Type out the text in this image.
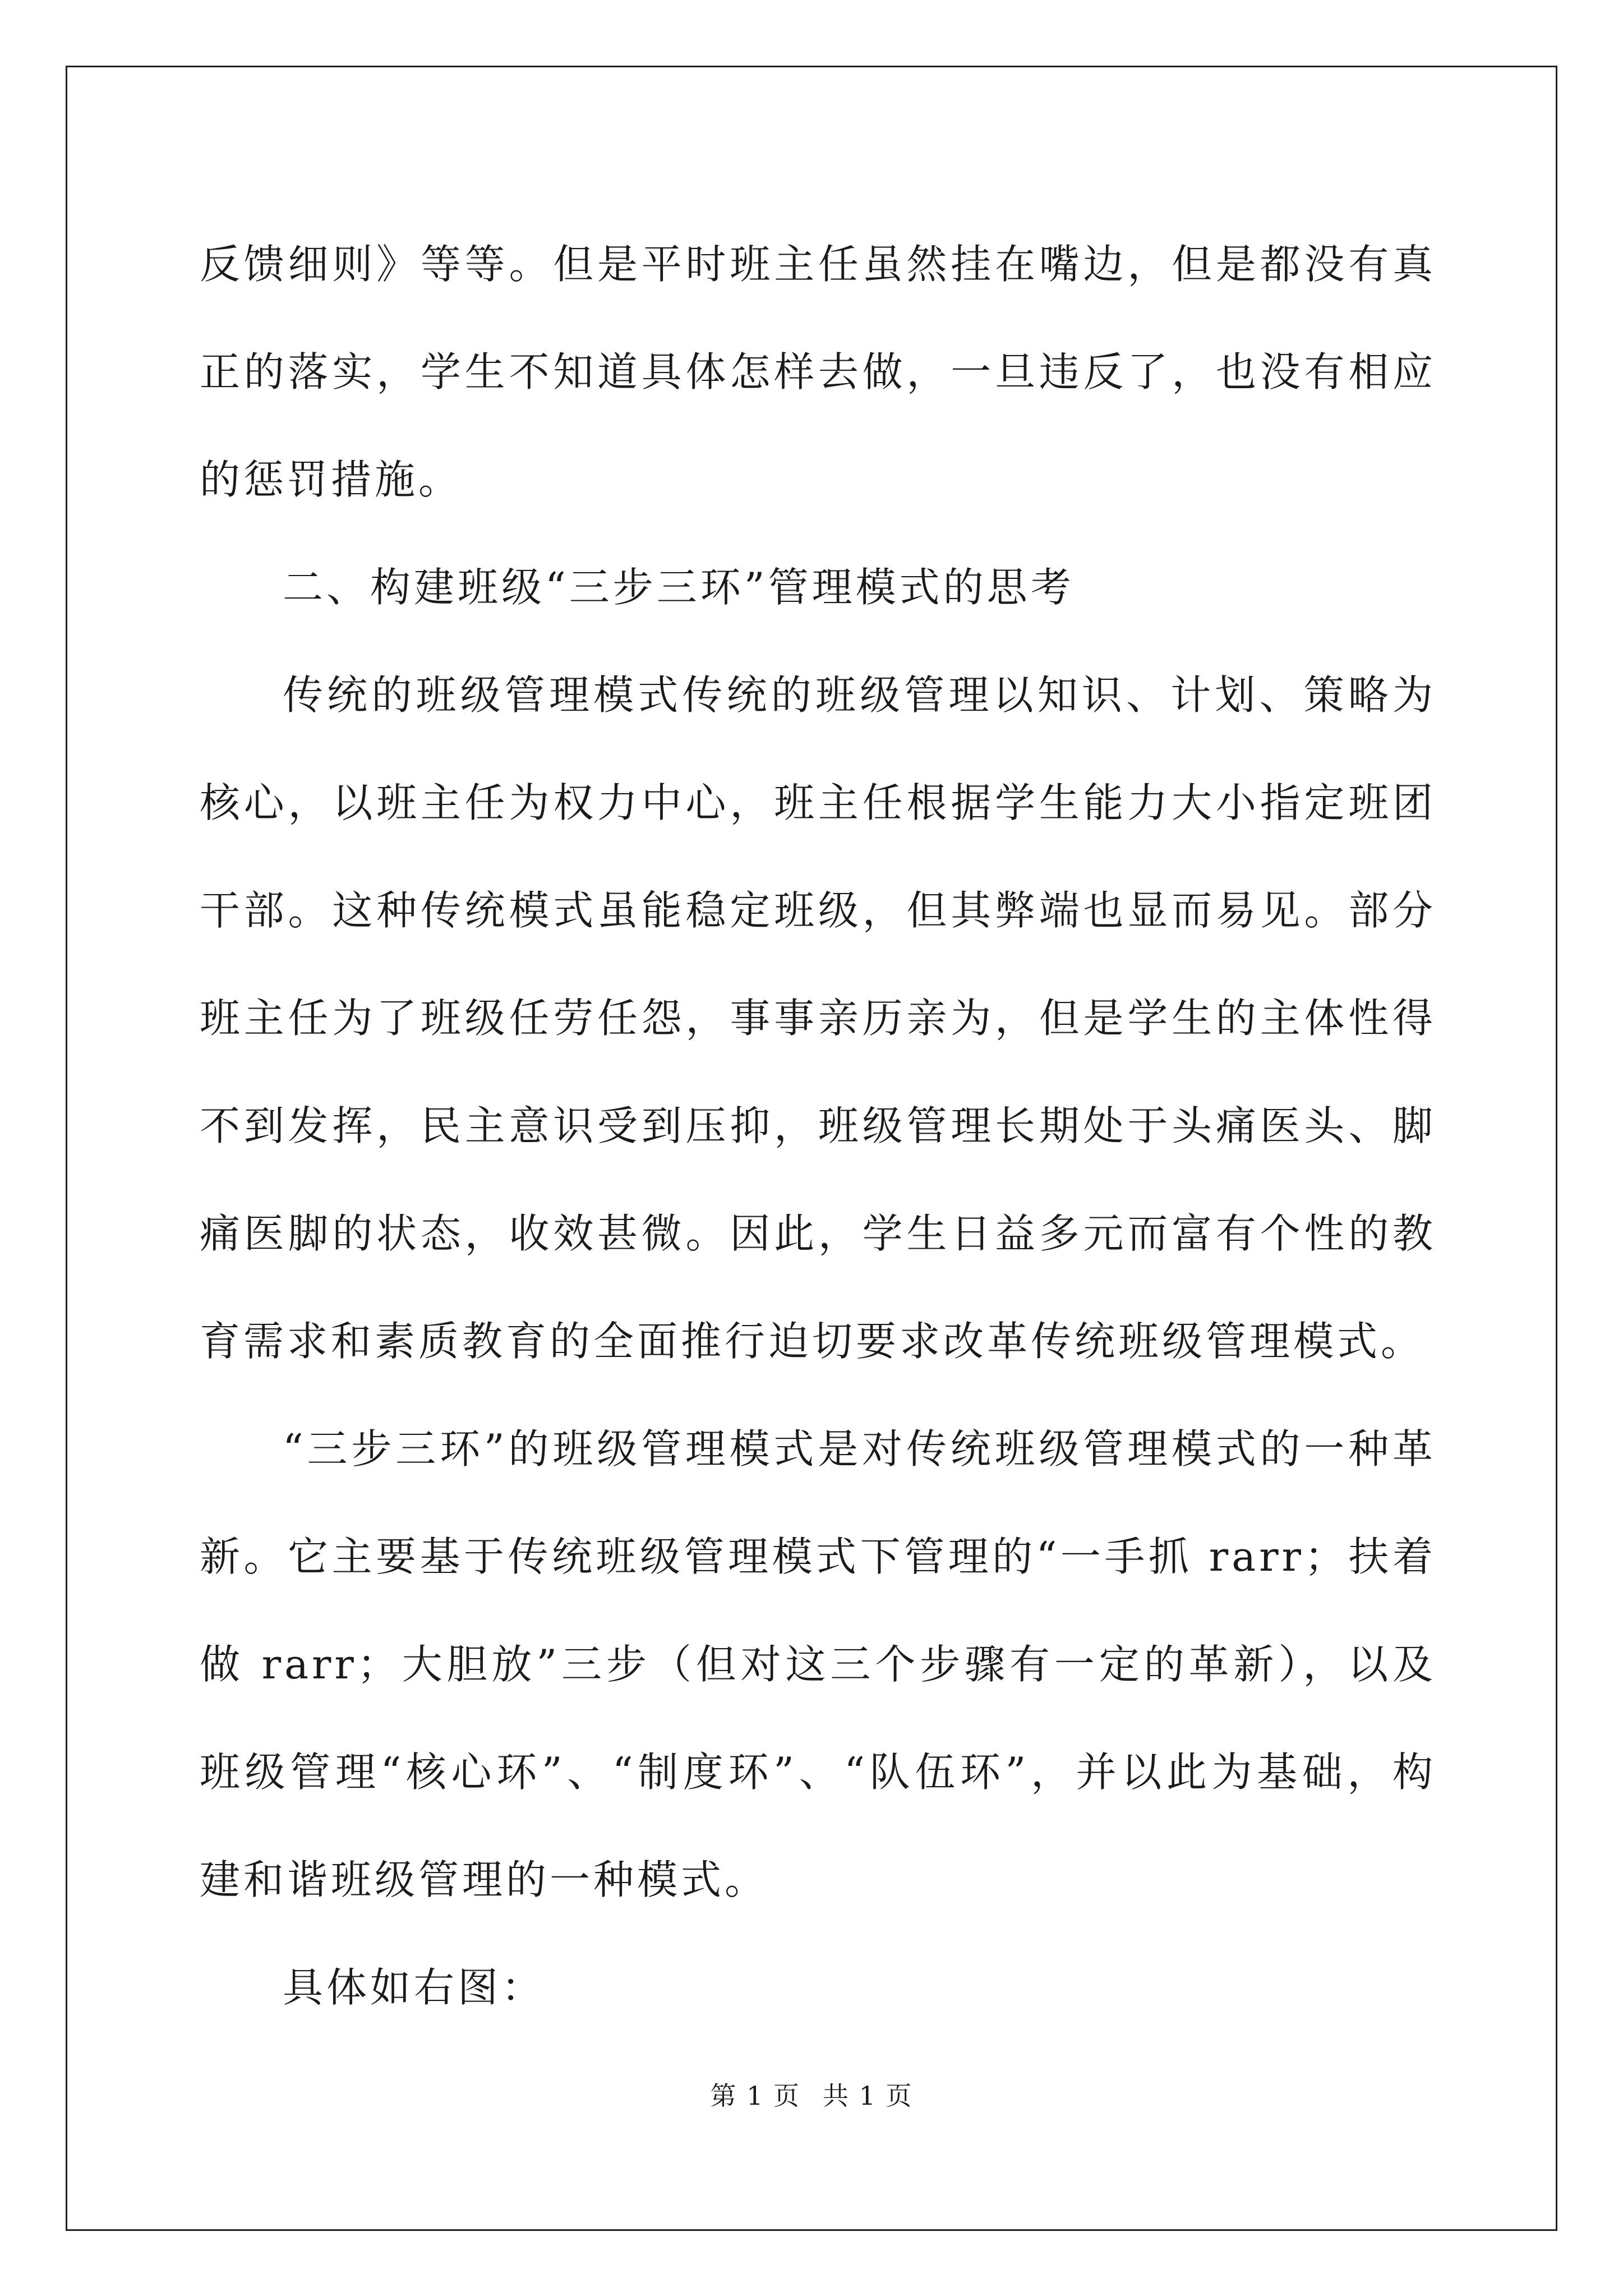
反馈细则》等等。但是平时班主任虽然挂在嘴边，但是都没有真正的落实，学生不知道具体怎样去做，一旦违反了，也没有相应的惩罚措施。

二、构建班级“三步三环”管理模式的思考

传统的班级管理模式传统的班级管理以知识、计划、策略为核心，以班主任为权力中心，班主任根据学生能力大小指定班团干部。这种传统模式虽能稳定班级，但其弊端也显而易见。部分班主任为了班级任劳任怨，事事亲历亲为，但是学生的主体性得不到发挥，民主意识受到压抑，班级管理长期处于头痛医头、脚痛医脚的状态，收效甚微。因此，学生日益多元而富有个性的教育需求和素质教育的全面推行迫切要求改革传统班级管理模式。

“三步三环”的班级管理模式是对传统班级管理模式的一种革新。它主要基于传统班级管理模式下管理的“一手抓 rarr；扶着做 rarr；大胆放”三步（但对这三个步骤有一定的革新），以及班级管理“核心环”、“制度环”、“队伍环”，并以此为基础，构建和谐班级管理的一种模式。

具体如右图：

第 1 页 共 1 页
